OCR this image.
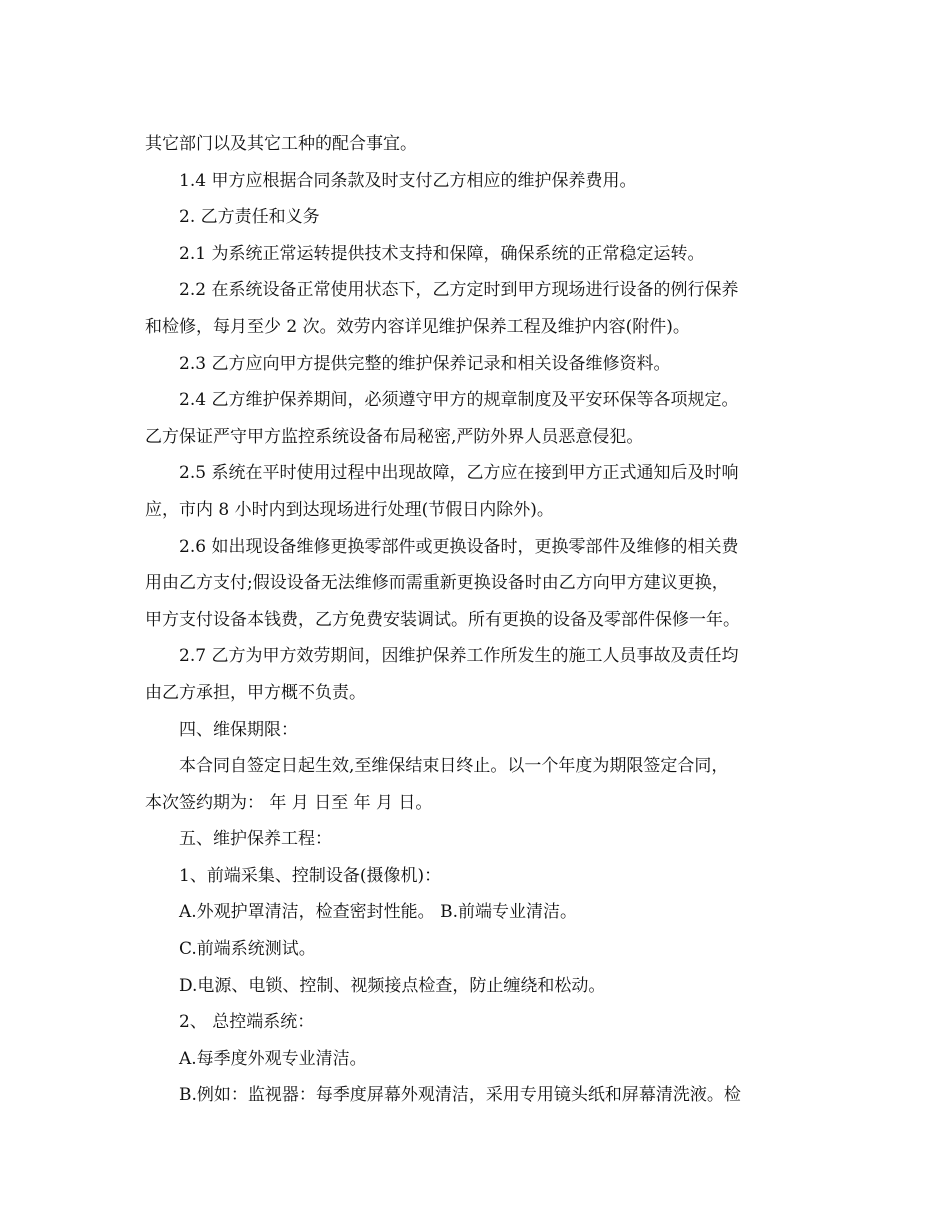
其它部门以及其它工种的配合事宜。
1.4 甲方应根据合同条款及时支付乙方相应的维护保养费用。
2. 乙方责任和义务
2.1 为系统正常运转提供技术支持和保障，确保系统的正常稳定运转。
2.2 在系统设备正常使用状态下，乙方定时到甲方现场进行设备的例行保养
和检修，每月至少 2 次。效劳内容详见维护保养工程及维护内容(附件)。
2.3 乙方应向甲方提供完整的维护保养记录和相关设备维修资料。
2.4 乙方维护保养期间，必须遵守甲方的规章制度及平安环保等各项规定。
乙方保证严守甲方监控系统设备布局秘密,严防外界人员恶意侵犯。
2.5 系统在平时使用过程中出现故障，乙方应在接到甲方正式通知后及时响
应，市内 8 小时内到达现场进行处理(节假日内除外)。
2.6 如出现设备维修更换零部件或更换设备时，更换零部件及维修的相关费
用由乙方支付;假设设备无法维修而需重新更换设备时由乙方向甲方建议更换，
甲方支付设备本钱费，乙方免费安装调试。所有更换的设备及零部件保修一年。
2.7 乙方为甲方效劳期间，因维护保养工作所发生的施工人员事故及责任均
由乙方承担，甲方概不负责。
四、维保期限：
本合同自签定日起生效,至维保结束日终止。以一个年度为期限签定合同，
本次签约期为： 年 月 日至 年 月 日。
五、维护保养工程：
1、前端采集、控制设备(摄像机)：
A.外观护罩清洁，检查密封性能。 B.前端专业清洁。
C.前端系统测试。
D.电源、电锁、控制、视频接点检查，防止缠绕和松动。
2、 总控端系统：
A.每季度外观专业清洁。
B.例如：监视器：每季度屏幕外观清洁，采用专用镜头纸和屏幕清洗液。检
